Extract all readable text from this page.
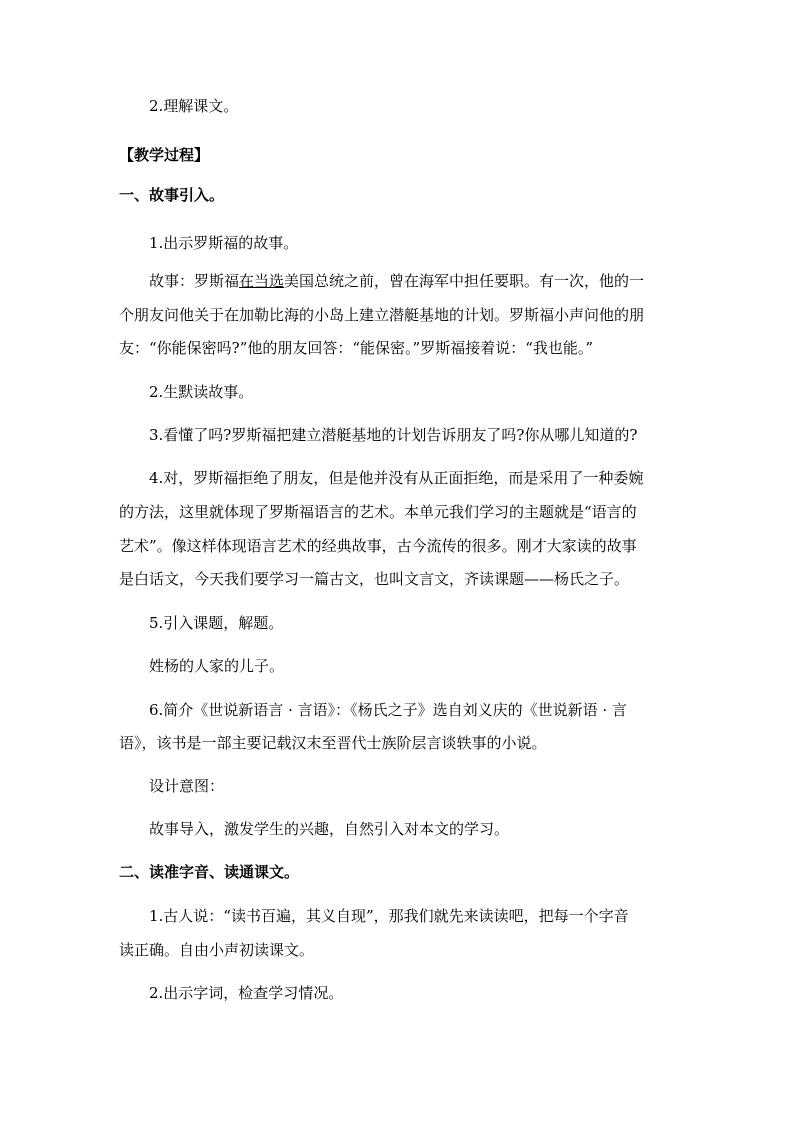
2.理解课文。

【教学过程】

一、故事引入。

1.出示罗斯福的故事。

故事：罗斯福在当选美国总统之前，曾在海军中担任要职。有一次，他的一

个朋友问他关于在加勒比海的小岛上建立潜艇基地的计划。罗斯福小声问他的朋

友：“你能保密吗?”他的朋友回答：“能保密。”罗斯福接着说：“我也能。”

2.生默读故事。

3.看懂了吗?罗斯福把建立潜艇基地的计划告诉朋友了吗?你从哪儿知道的?

4.对，罗斯福拒绝了朋友，但是他并没有从正面拒绝，而是采用了一种委婉

的方法，这里就体现了罗斯福语言的艺术。本单元我们学习的主题就是“语言的

艺术”。像这样体现语言艺术的经典故事，古今流传的很多。刚才大家读的故事

是白话文，今天我们要学习一篇古文，也叫文言文，齐读课题——杨氏之子。

5.引入课题，解题。

姓杨的人家的儿子。

6.简介《世说新语言 · 言语》：《杨氏之子》选自刘义庆的《世说新语 · 言

语》，该书是一部主要记载汉末至晋代士族阶层言谈轶事的小说。

设计意图：

故事导入，激发学生的兴趣，自然引入对本文的学习。

二、读准字音、读通课文。

1.古人说：“读书百遍，其义自现”，那我们就先来读读吧，把每一个字音

读正确。自由小声初读课文。

2.出示字词，检查学习情况。
